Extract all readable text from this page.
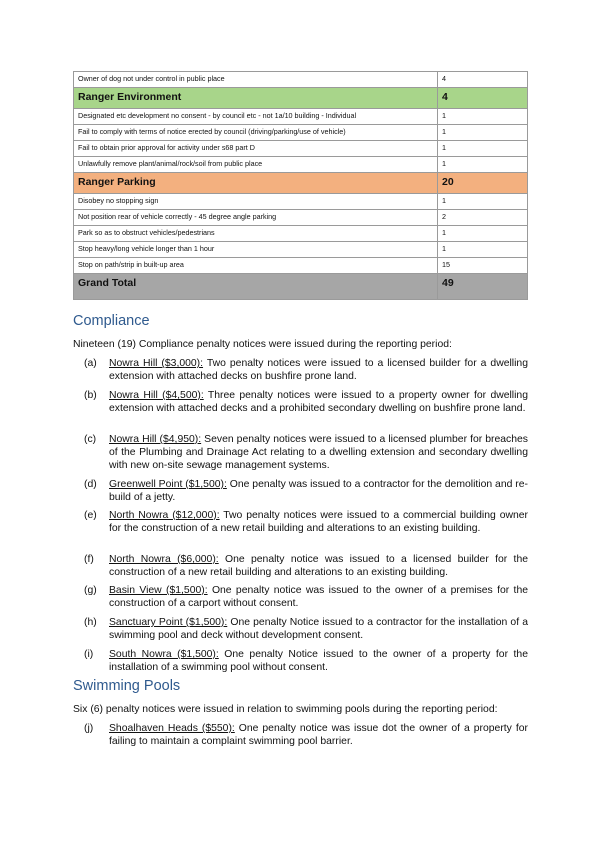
Owner of dog not under control in public place	4
Ranger Environment	4
Designated etc development no consent - by council etc - not 1a/10 building - Individual	1
Fail to comply with terms of notice erected by council (driving/parking/use of vehicle)	1
Fail to obtain prior approval for activity under s68 part D	1
Unlawfully remove plant/animal/rock/soil from public place	1
Ranger Parking	20
Disobey no stopping sign	1
Not position rear of vehicle correctly - 45 degree angle parking	2
Park so as to obstruct vehicles/pedestrians	1
Stop heavy/long vehicle longer than 1 hour	1
Stop on path/strip in built-up area	15
Grand Total	49
Compliance

Nineteen (19) Compliance penalty notices were issued during the reporting period:

(a)	Nowra Hill ($3,000): Two penalty notices were issued to a licensed builder for a dwelling extension with attached decks on bushfire prone land.
(b)	Nowra Hill ($4,500): Three penalty notices were issued to a property owner for dwelling extension with attached decks and a prohibited secondary dwelling on bushfire prone land.
(c)	Nowra Hill ($4,950): Seven penalty notices were issued to a licensed plumber for breaches of the Plumbing and Drainage Act relating to a dwelling extension and secondary dwelling with new on-site sewage management systems.
(d)	Greenwell Point ($1,500): One penalty was issued to a contractor for the demolition and re-build of a jetty.
(e)	North Nowra ($12,000): Two penalty notices were issued to a commercial building owner for the construction of a new retail building and alterations to an existing building.
(f)	North Nowra ($6,000): One penalty notice was issued to a licensed builder for the construction of a new retail building and alterations to an existing building.
(g)	Basin View ($1,500): One penalty notice was issued to the owner of a premises for the construction of a carport without consent.
(h)	Sanctuary Point ($1,500): One penalty Notice issued to a contractor for the installation of a swimming pool and deck without development consent.
(i)	South Nowra ($1,500): One penalty Notice issued to the owner of a property for the installation of a swimming pool without consent.
Swimming Pools

Six (6) penalty notices were issued in relation to swimming pools during the reporting period:

(j)	Shoalhaven Heads ($550): One penalty notice was issue dot the owner of a property for failing to maintain a complaint swimming pool barrier.
